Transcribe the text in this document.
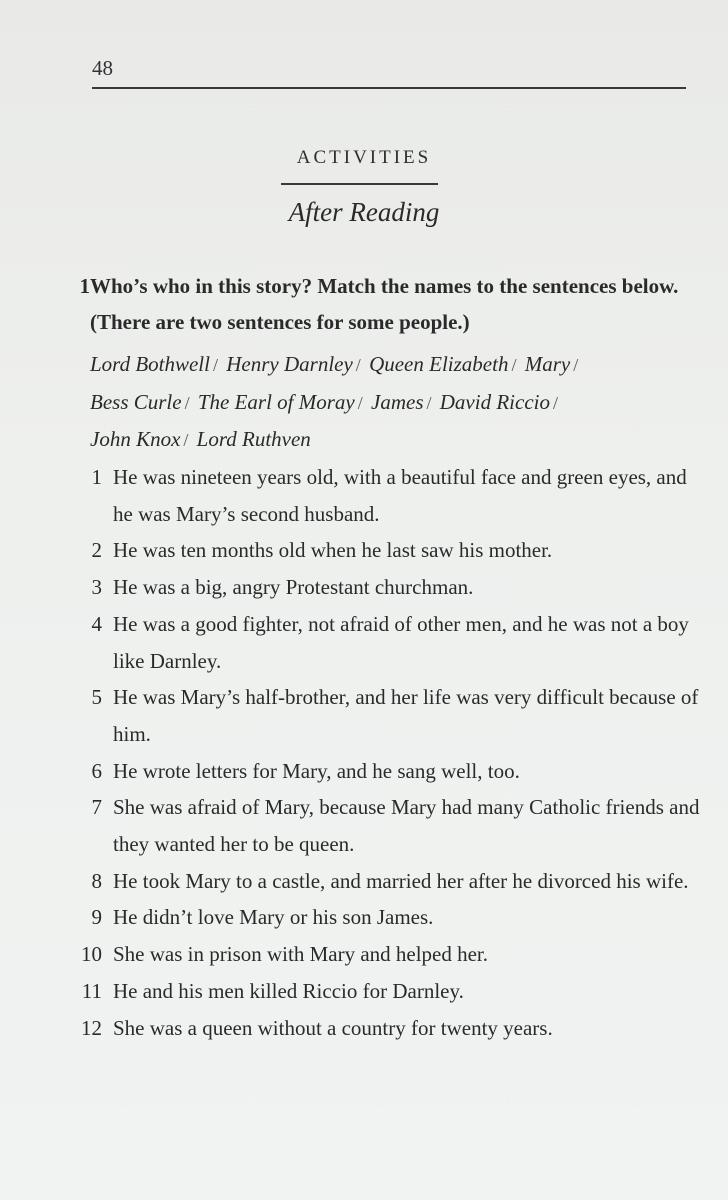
48
ACTIVITIES
After Reading
1 Who’s who in this story? Match the names to the sentences below. (There are two sentences for some people.)
Lord Bothwell / Henry Darnley / Queen Elizabeth / Mary /
Bess Curle / The Earl of Moray / James / David Riccio /
John Knox / Lord Ruthven
1 He was nineteen years old, with a beautiful face and green eyes, and he was Mary’s second husband.
2 He was ten months old when he last saw his mother.
3 He was a big, angry Protestant churchman.
4 He was a good fighter, not afraid of other men, and he was not a boy like Darnley.
5 He was Mary’s half-brother, and her life was very difficult because of him.
6 He wrote letters for Mary, and he sang well, too.
7 She was afraid of Mary, because Mary had many Catholic friends and they wanted her to be queen.
8 He took Mary to a castle, and married her after he divorced his wife.
9 He didn’t love Mary or his son James.
10 She was in prison with Mary and helped her.
11 He and his men killed Riccio for Darnley.
12 She was a queen without a country for twenty years.
